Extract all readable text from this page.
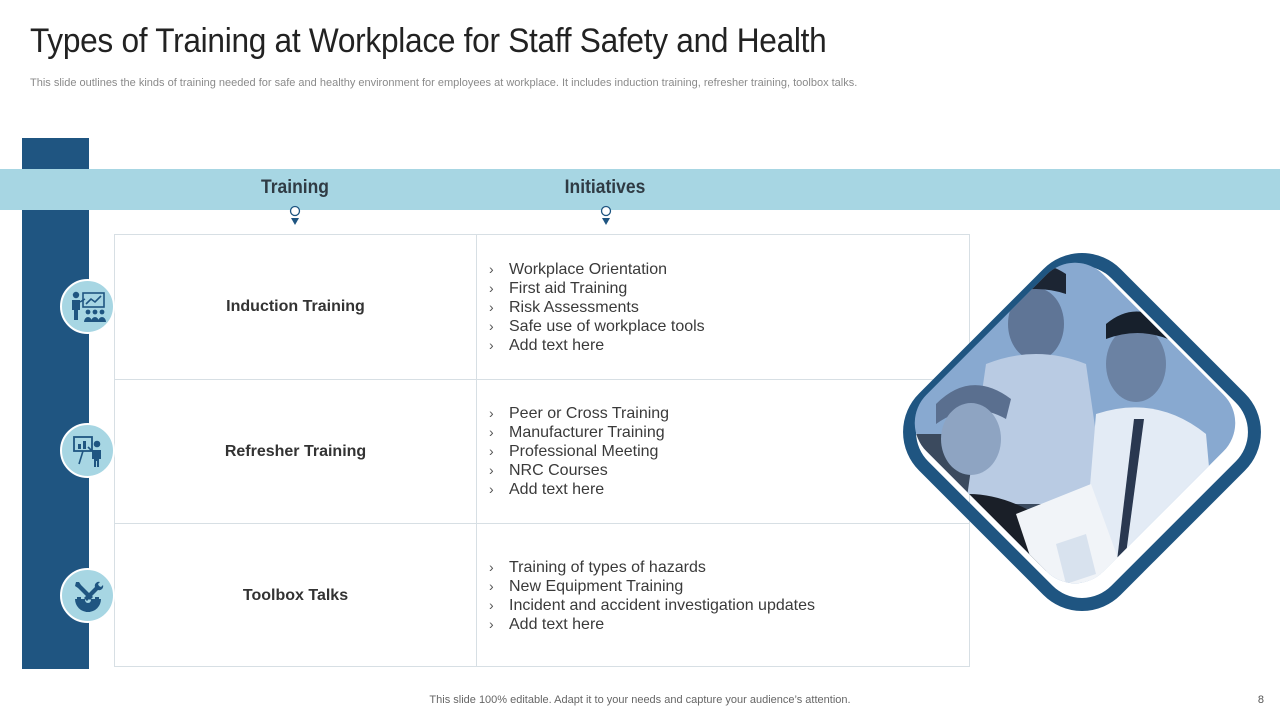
Types of Training at Workplace for Staff Safety and Health
This slide outlines the kinds of training needed for safe and healthy environment for employees at workplace. It includes induction training, refresher training, toolbox talks.
Training	Initiatives
Induction Training
› Workplace Orientation
› First aid Training
› Risk Assessments
› Safe use of workplace tools
› Add text here
Refresher Training
› Peer or Cross Training
› Manufacturer Training
› Professional Meeting
› NRC Courses
› Add text here
Toolbox Talks
› Training of types of hazards
› New Equipment Training
› Incident and accident investigation updates
› Add text here
This slide 100% editable. Adapt it to your needs and capture your audience’s attention.	8
